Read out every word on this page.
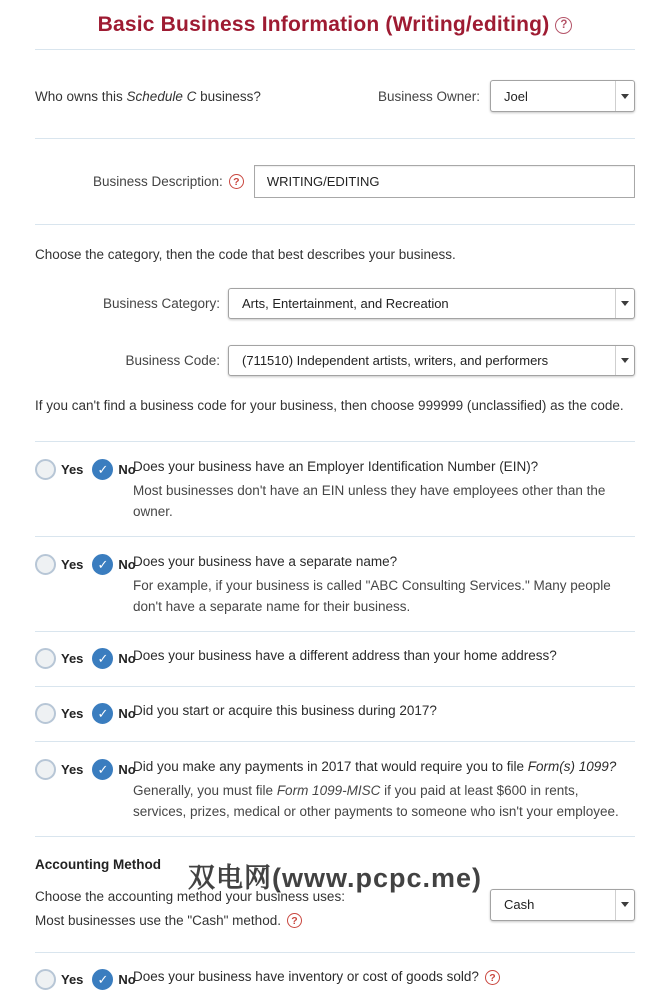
Basic Business Information (Writing/editing) ?
Who owns this Schedule C business?	Business Owner:	Joel
Business Description: ?
WRITING/EDITING
Choose the category, then the code that best describes your business.
Business Category:	Arts, Entertainment, and Recreation
Business Code:	(711510) Independent artists, writers, and performers
If you can't find a business code for your business, then choose 999999 (unclassified) as the code.
Yes ✓ No
Does your business have an Employer Identification Number (EIN)?
Most businesses don't have an EIN unless they have employees other than the owner.
Yes ✓ No
Does your business have a separate name?
For example, if your business is called "ABC Consulting Services." Many people don't have a separate name for their business.
Yes ✓ No
Does your business have a different address than your home address?
Yes ✓ No
Did you start or acquire this business during 2017?
Yes ✓ No
Did you make any payments in 2017 that would require you to file Form(s) 1099?
Generally, you must file Form 1099-MISC if you paid at least $600 in rents, services, prizes, medical or other payments to someone who isn't your employee.
Accounting Method
Choose the accounting method your business uses:
Most businesses use the "Cash" method. ?
Cash
Yes ✓ No
Does your business have inventory or cost of goods sold? ?
双电网(www.pcpc.me)
